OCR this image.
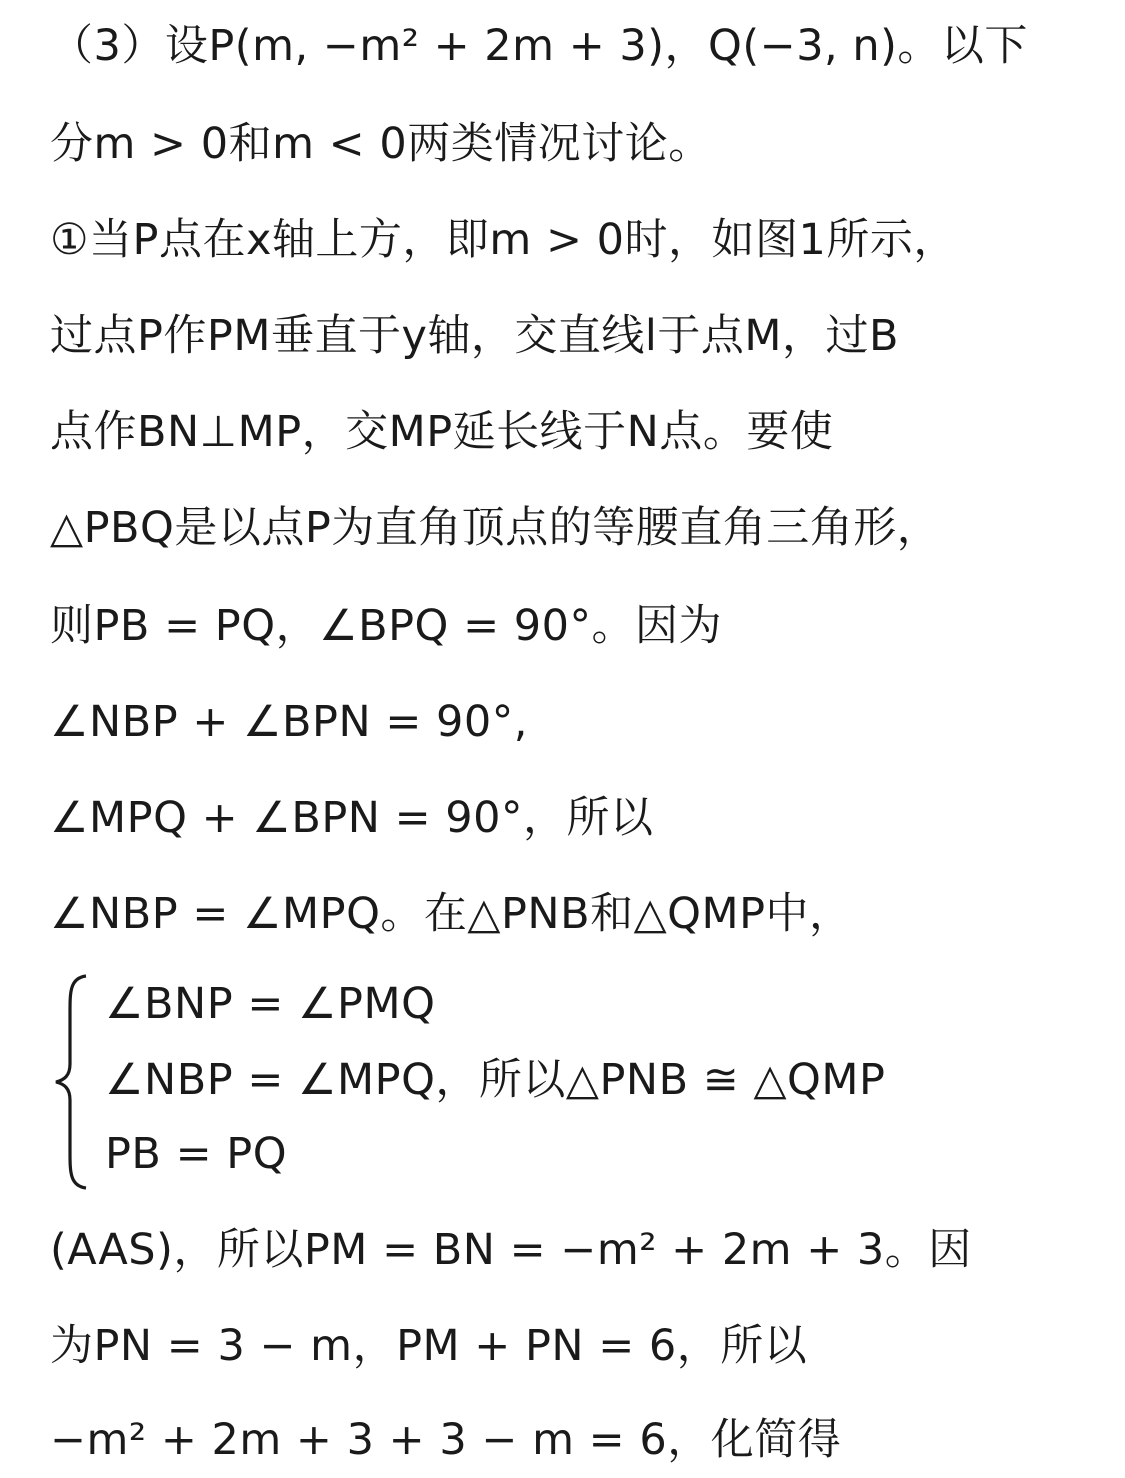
（3）设P(m, −m² + 2m + 3)，Q(−3, n)。以下
分m > 0和m < 0两类情况讨论。
①当P点在x轴上方，即m > 0时，如图1所示，
过点P作PM垂直于y轴，交直线l于点M，过B
点作BN⊥MP，交MP延长线于N点。要使
△PBQ是以点P为直角顶点的等腰直角三角形，
则PB = PQ，∠BPQ = 90°。因为
∠NBP + ∠BPN = 90°,
∠MPQ + ∠BPN = 90°，所以
∠NBP = ∠MPQ。在△PNB和△QMP中，
∠BNP = ∠PMQ
∠NBP = ∠MPQ，所以△PNB ≅ △QMP
PB = PQ
(AAS)，所以PM = BN = −m² + 2m + 3。因
为PN = 3 − m，PM + PN = 6，所以
−m² + 2m + 3 + 3 − m = 6，化简得
